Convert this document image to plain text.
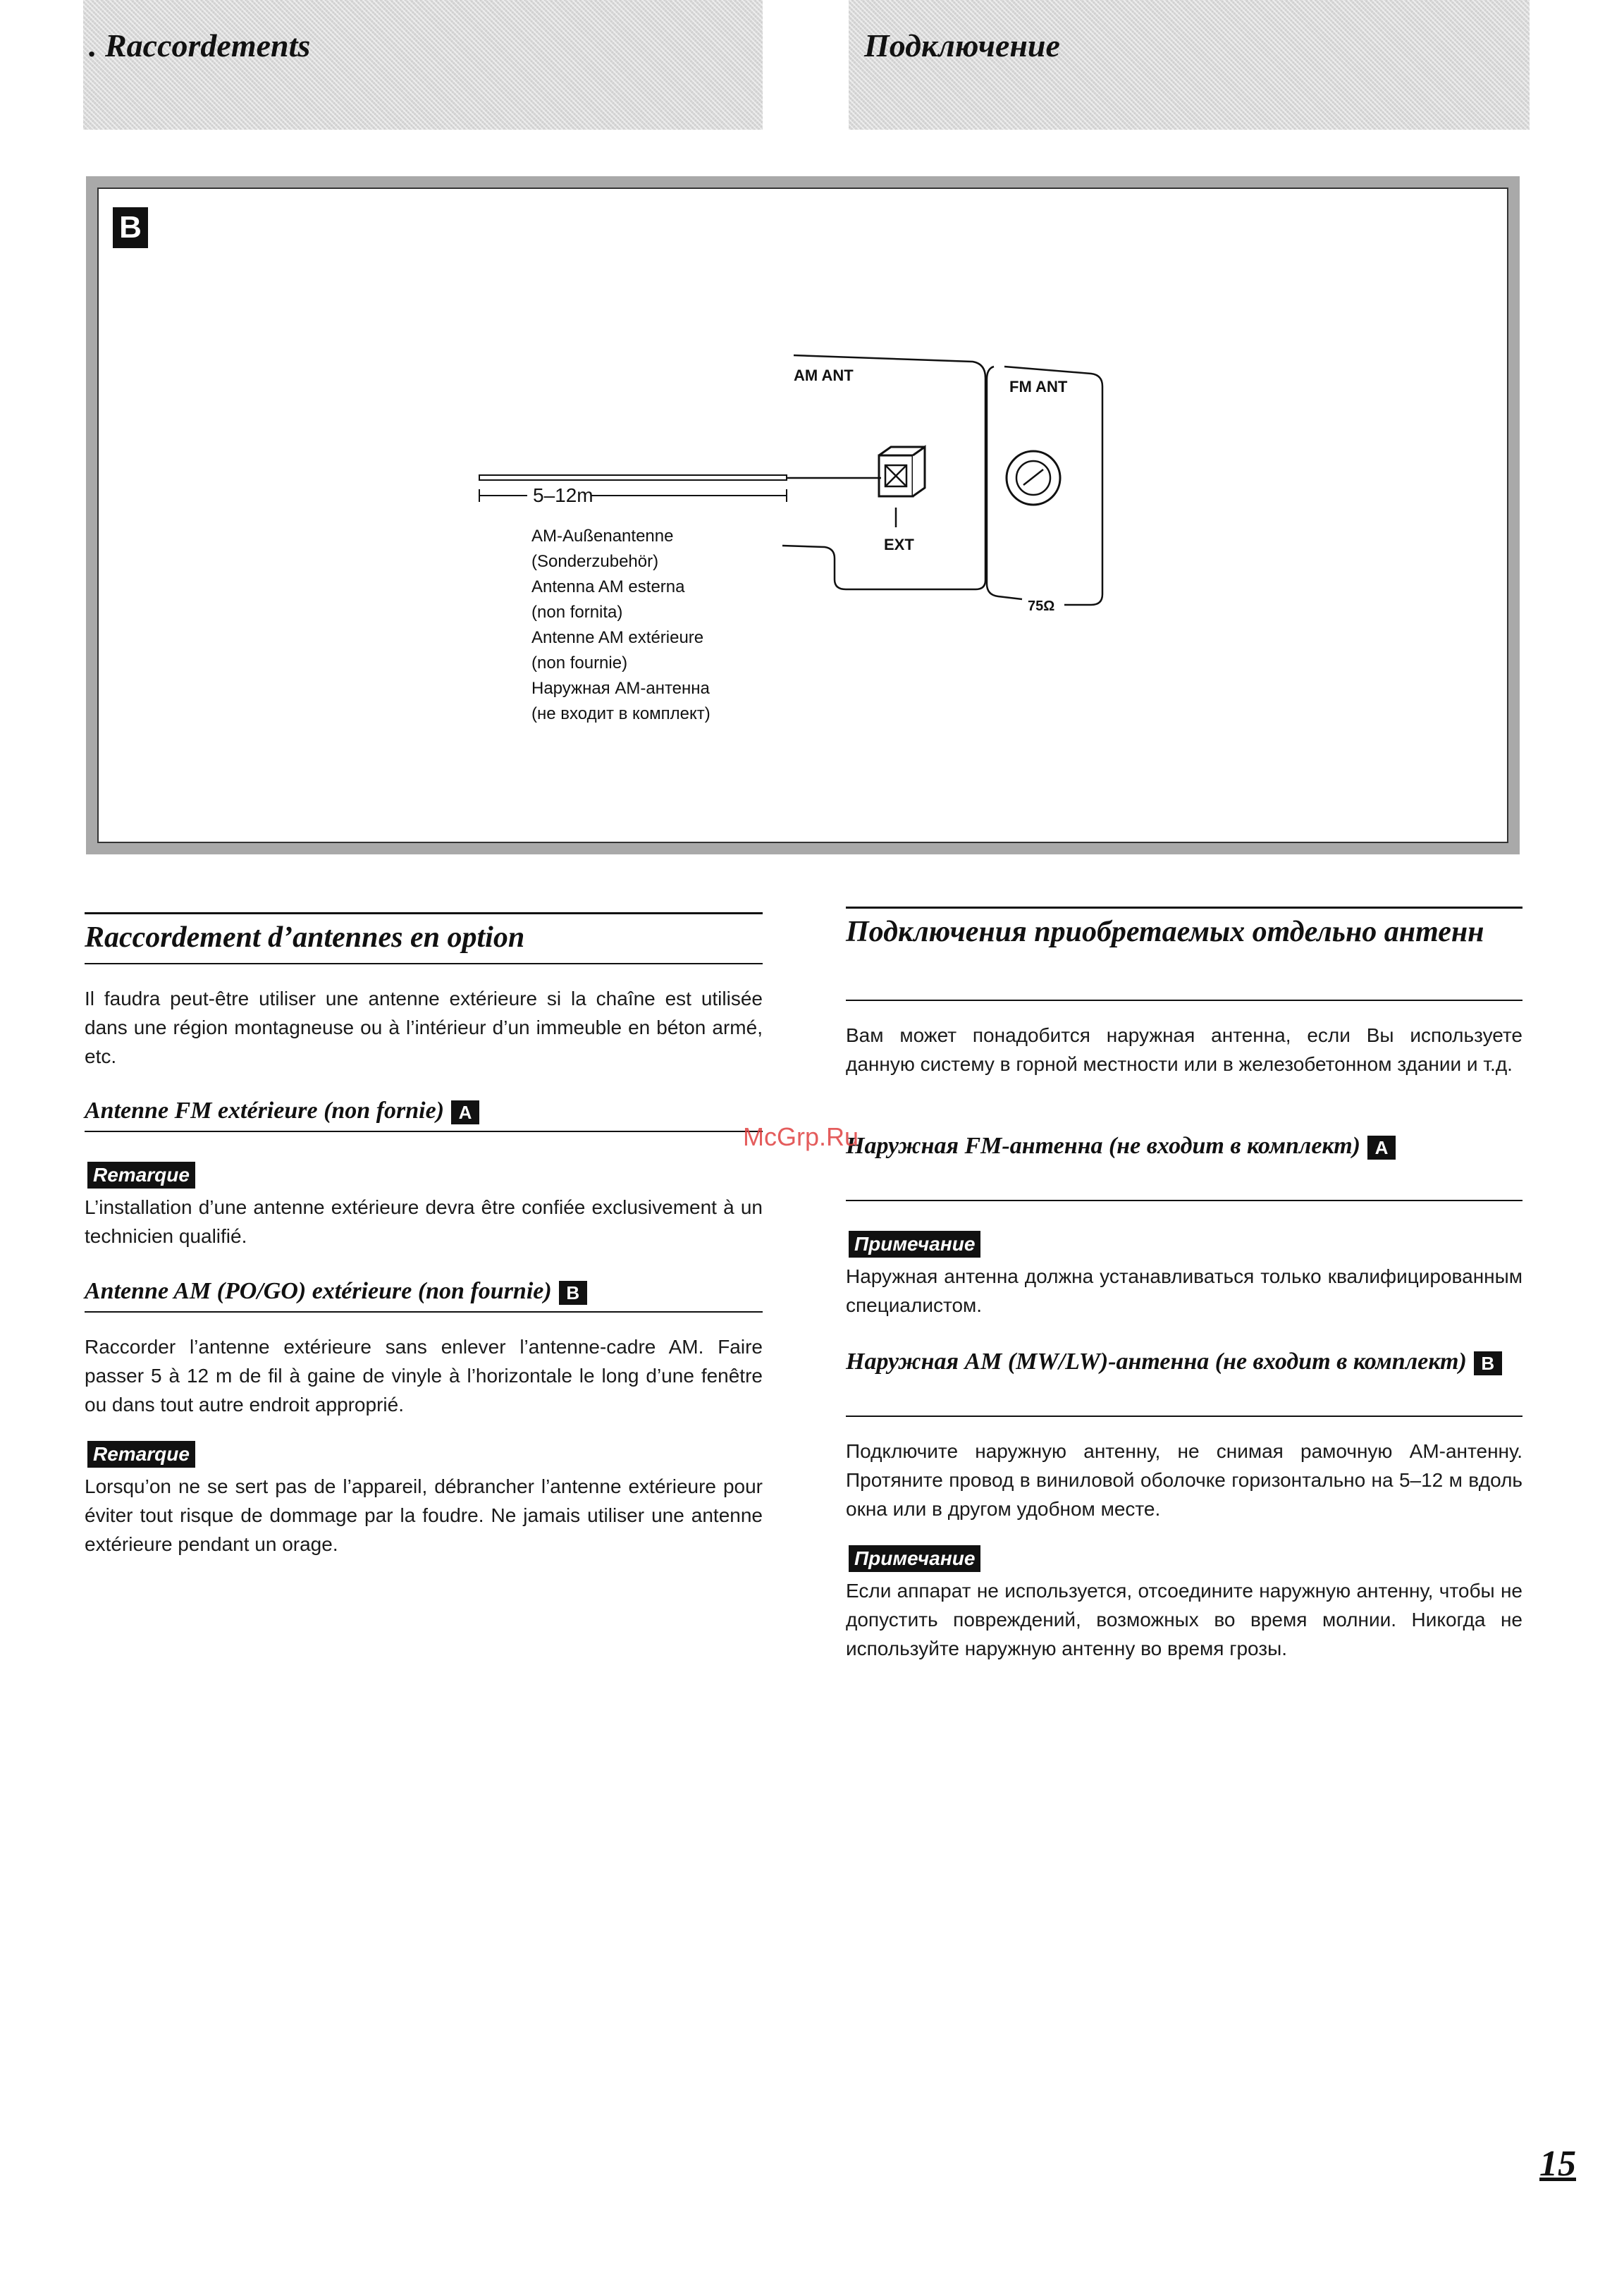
. Raccordements	Подключение
B
AM ANT
FM ANT
EXT
75Ω
5–12m
AM-Außenantenne
(Sonderzubehör)
Antenna AM esterna
(non fornita)
Antenne AM extérieure
(non fournie)
Наружная AM-антенна
(не входит в комплект)
Raccordement d’antennes en option

Il faudra peut-être utiliser une antenne extérieure si la chaîne est utilisée dans une région montagneuse ou à l’intérieur d’un immeuble en béton armé, etc.

Antenne FM extérieure (non fornie) A
Remarque

L’installation d’une antenne extérieure devra être confiée exclusivement à un technicien qualifié.

Antenne AM (PO/GO) extérieure (non fournie) B

Raccorder l’antenne extérieure sans enlever l’antenne-cadre AM. Faire passer 5 à 12 m de fil à gaine de vinyle à l’horizontale le long d’une fenêtre ou dans tout autre endroit approprié.

Remarque

Lorsqu’on ne se sert pas de l’appareil, débrancher l’antenne extérieure pour éviter tout risque de dommage par la foudre. Ne jamais utiliser une antenne extérieure pendant un orage.

Подключения приобретаемых отдельно антенн

Вам может понадобится наружная антенна, если Вы используете данную систему в горной местности или в железобетонном здании и т.д.

Наружная FM-антенна (не входит в комплект) A
Примечание

Наружная антенна должна устанавливаться только квалифицированным специалистом.

Наружная AM (MW/LW)-антенна (не входит в комплект) B

Подключите наружную антенну, не снимая рамочную AM-антенну. Протяните провод в виниловой оболочке горизонтально на 5–12 м вдоль окна или в другом удобном месте.

Примечание

Если аппарат не используется, отсоедините наружную антенну, чтобы не допустить повреждений, возможных во время молнии. Никогда не используйте наружную антенну во время грозы.

McGrp.Ru
15
